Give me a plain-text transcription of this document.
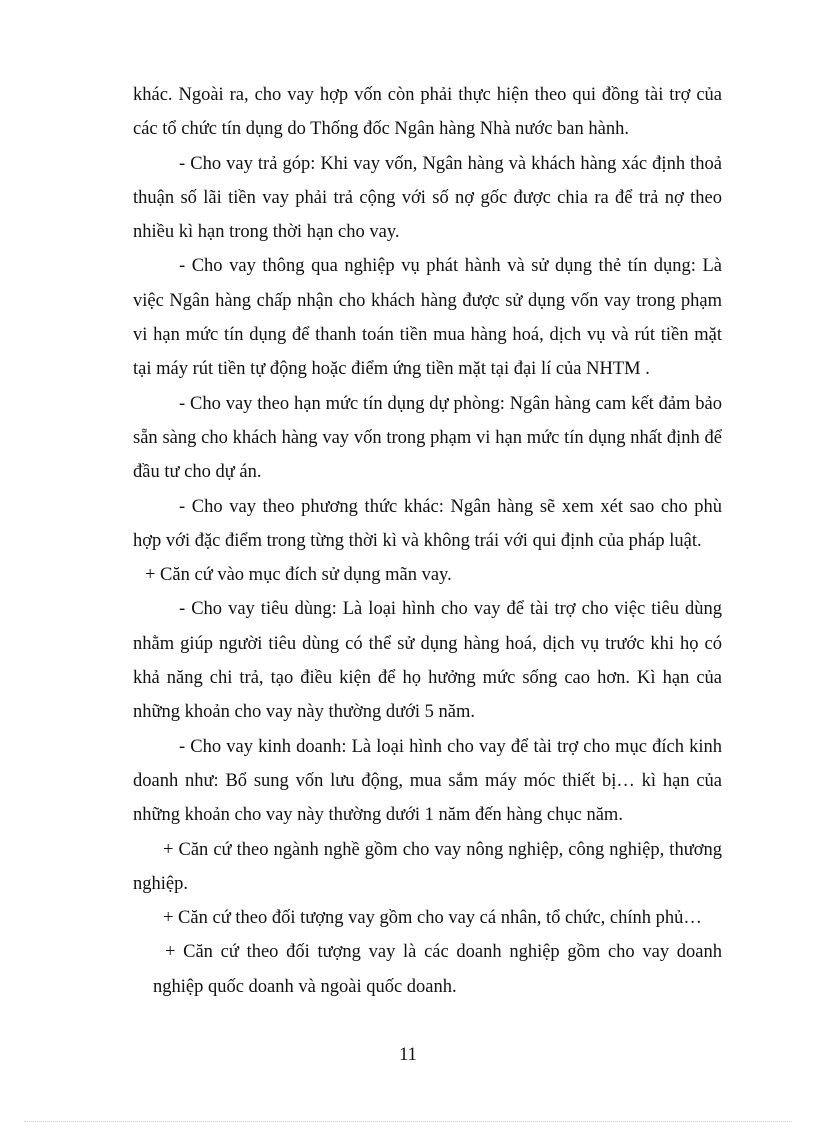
khác. Ngoài ra, cho vay hợp vốn còn phải thực hiện theo qui đồng tài trợ của các tổ chức tín dụng do Thống đốc Ngân hàng Nhà nước ban hành.

- Cho vay trả góp: Khi vay vốn, Ngân hàng và khách hàng xác định thoả thuận số lãi tiền vay phải trả cộng với số nợ gốc được chia ra để trả nợ theo nhiều kì hạn trong thời hạn cho vay.

- Cho vay thông qua nghiệp vụ phát hành và sử dụng thẻ tín dụng: Là việc Ngân hàng chấp nhận cho khách hàng được sử dụng vốn vay trong phạm vi hạn mức tín dụng để thanh toán tiền mua hàng hoá, dịch vụ và rút tiền mặt tại máy rút tiền tự động hoặc điểm ứng tiền mặt tại đại lí của NHTM .

- Cho vay theo hạn mức tín dụng dự phòng: Ngân hàng cam kết đảm bảo sẵn sàng cho khách hàng vay vốn trong phạm vi hạn mức tín dụng nhất định để đầu tư cho dự án.

- Cho vay theo phương thức khác: Ngân hàng sẽ xem xét sao cho phù hợp với đặc điểm trong từng thời kì và không trái với qui định của pháp luật.

+ Căn cứ vào mục đích sử dụng mãn vay.

- Cho vay tiêu dùng: Là loại hình cho vay để tài trợ cho việc tiêu dùng nhằm giúp người tiêu dùng có thể sử dụng hàng hoá, dịch vụ trước khi họ có khả năng chi trả, tạo điều kiện để họ hưởng mức sống cao hơn. Kì hạn của những khoản cho vay này thường dưới 5 năm.

- Cho vay kinh doanh: Là loại hình cho vay để tài trợ cho mục đích kinh doanh như: Bổ sung vốn lưu động, mua sắm máy móc thiết bị… kì hạn của những khoản cho vay này thường dưới 1 năm đến hàng chục năm.

+ Căn cứ theo ngành nghề gồm cho vay nông nghiệp, công nghiệp, thương nghiệp.

+ Căn cứ theo đối tượng vay gồm cho vay cá nhân, tổ chức, chính phủ…

+ Căn cứ theo đối tượng vay là các doanh nghiệp gồm cho vay doanh nghiệp quốc doanh và ngoài quốc doanh.

11
